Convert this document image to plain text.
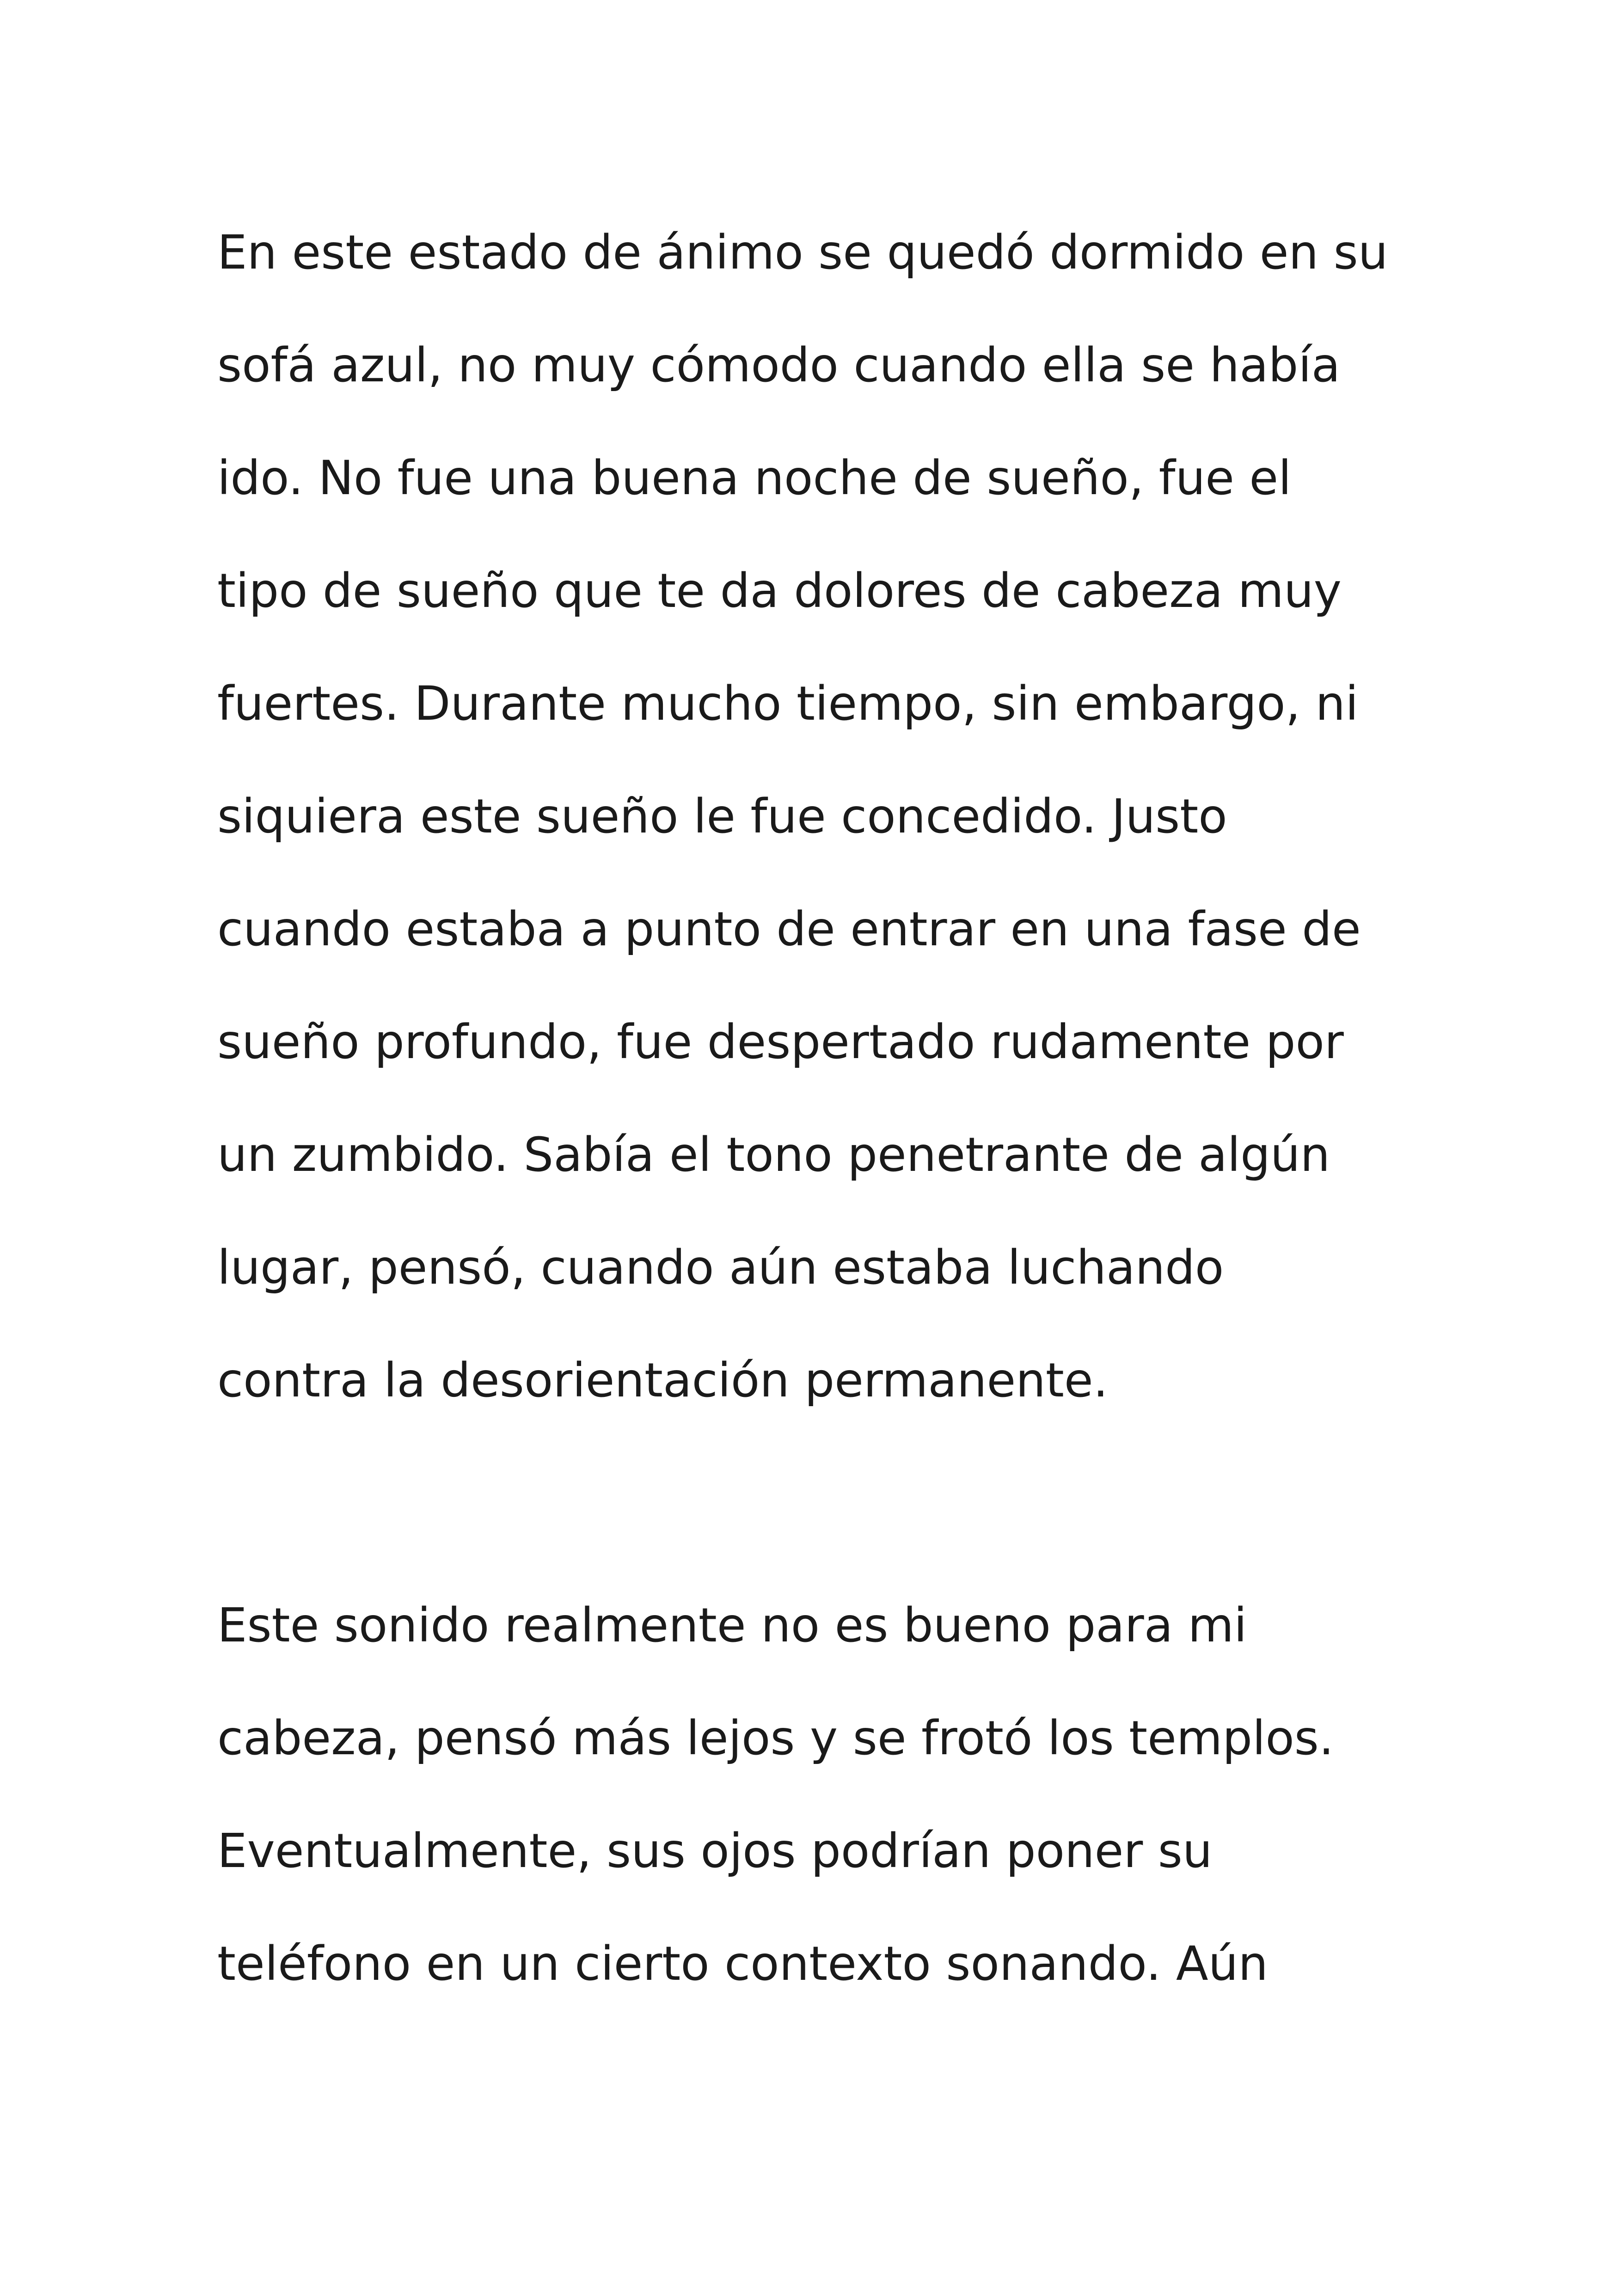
En este estado de ánimo se quedó dormido en su
sofá azul, no muy cómodo cuando ella se había
ido. No fue una buena noche de sueño, fue el
tipo de sueño que te da dolores de cabeza muy
fuertes. Durante mucho tiempo, sin embargo, ni
siquiera este sueño le fue concedido. Justo
cuando estaba a punto de entrar en una fase de
sueño profundo, fue despertado rudamente por
un zumbido. Sabía el tono penetrante de algún
lugar, pensó, cuando aún estaba luchando
contra la desorientación permanente.

Este sonido realmente no es bueno para mi
cabeza, pensó más lejos y se frotó los templos.
Eventualmente, sus ojos podrían poner su
teléfono en un cierto contexto sonando. Aún
